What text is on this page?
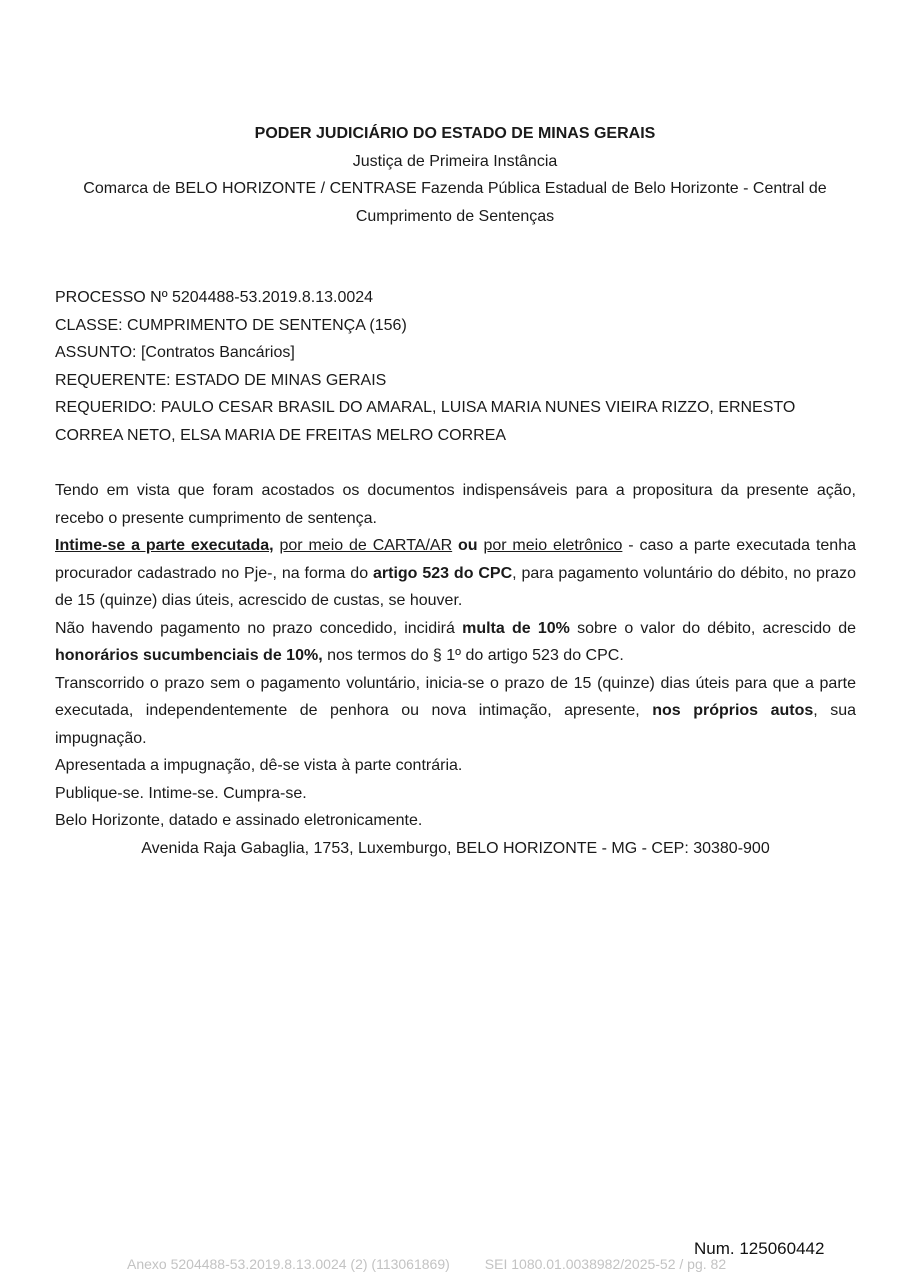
PODER JUDICIÁRIO DO ESTADO DE MINAS GERAIS
Justiça de Primeira Instância
Comarca de BELO HORIZONTE / CENTRASE Fazenda Pública Estadual de Belo Horizonte - Central de Cumprimento de Sentenças
PROCESSO Nº 5204488-53.2019.8.13.0024
CLASSE: CUMPRIMENTO DE SENTENÇA (156)
ASSUNTO: [Contratos Bancários]
REQUERENTE: ESTADO DE MINAS GERAIS
REQUERIDO: PAULO CESAR BRASIL DO AMARAL, LUISA MARIA NUNES VIEIRA RIZZO, ERNESTO CORREA NETO, ELSA MARIA DE FREITAS MELRO CORREA

Tendo em vista que foram acostados os documentos indispensáveis para a propositura da presente ação, recebo o presente cumprimento de sentença.

Intime-se a parte executada, por meio de CARTA/AR ou por meio eletrônico - caso a parte executada tenha procurador cadastrado no Pje-, na forma do artigo 523 do CPC, para pagamento voluntário do débito, no prazo de 15 (quinze) dias úteis, acrescido de custas, se houver.

Não havendo pagamento no prazo concedido, incidirá multa de 10% sobre o valor do débito, acrescido de honorários sucumbenciais de 10%, nos termos do § 1º do artigo 523 do CPC.

Transcorrido o prazo sem o pagamento voluntário, inicia-se o prazo de 15 (quinze) dias úteis para que a parte executada, independentemente de penhora ou nova intimação, apresente, nos próprios autos, sua impugnação.

Apresentada a impugnação, dê-se vista à parte contrária.

Publique-se. Intime-se. Cumpra-se.

Belo Horizonte, datado e assinado eletronicamente.

Avenida Raja Gabaglia, 1753, Luxemburgo, BELO HORIZONTE - MG - CEP: 30380-900

Num. 125060442
Anexo 5204488-53.2019.8.13.0024 (2) (113061869)         SEI 1080.01.0038982/2025-52 / pg. 82
